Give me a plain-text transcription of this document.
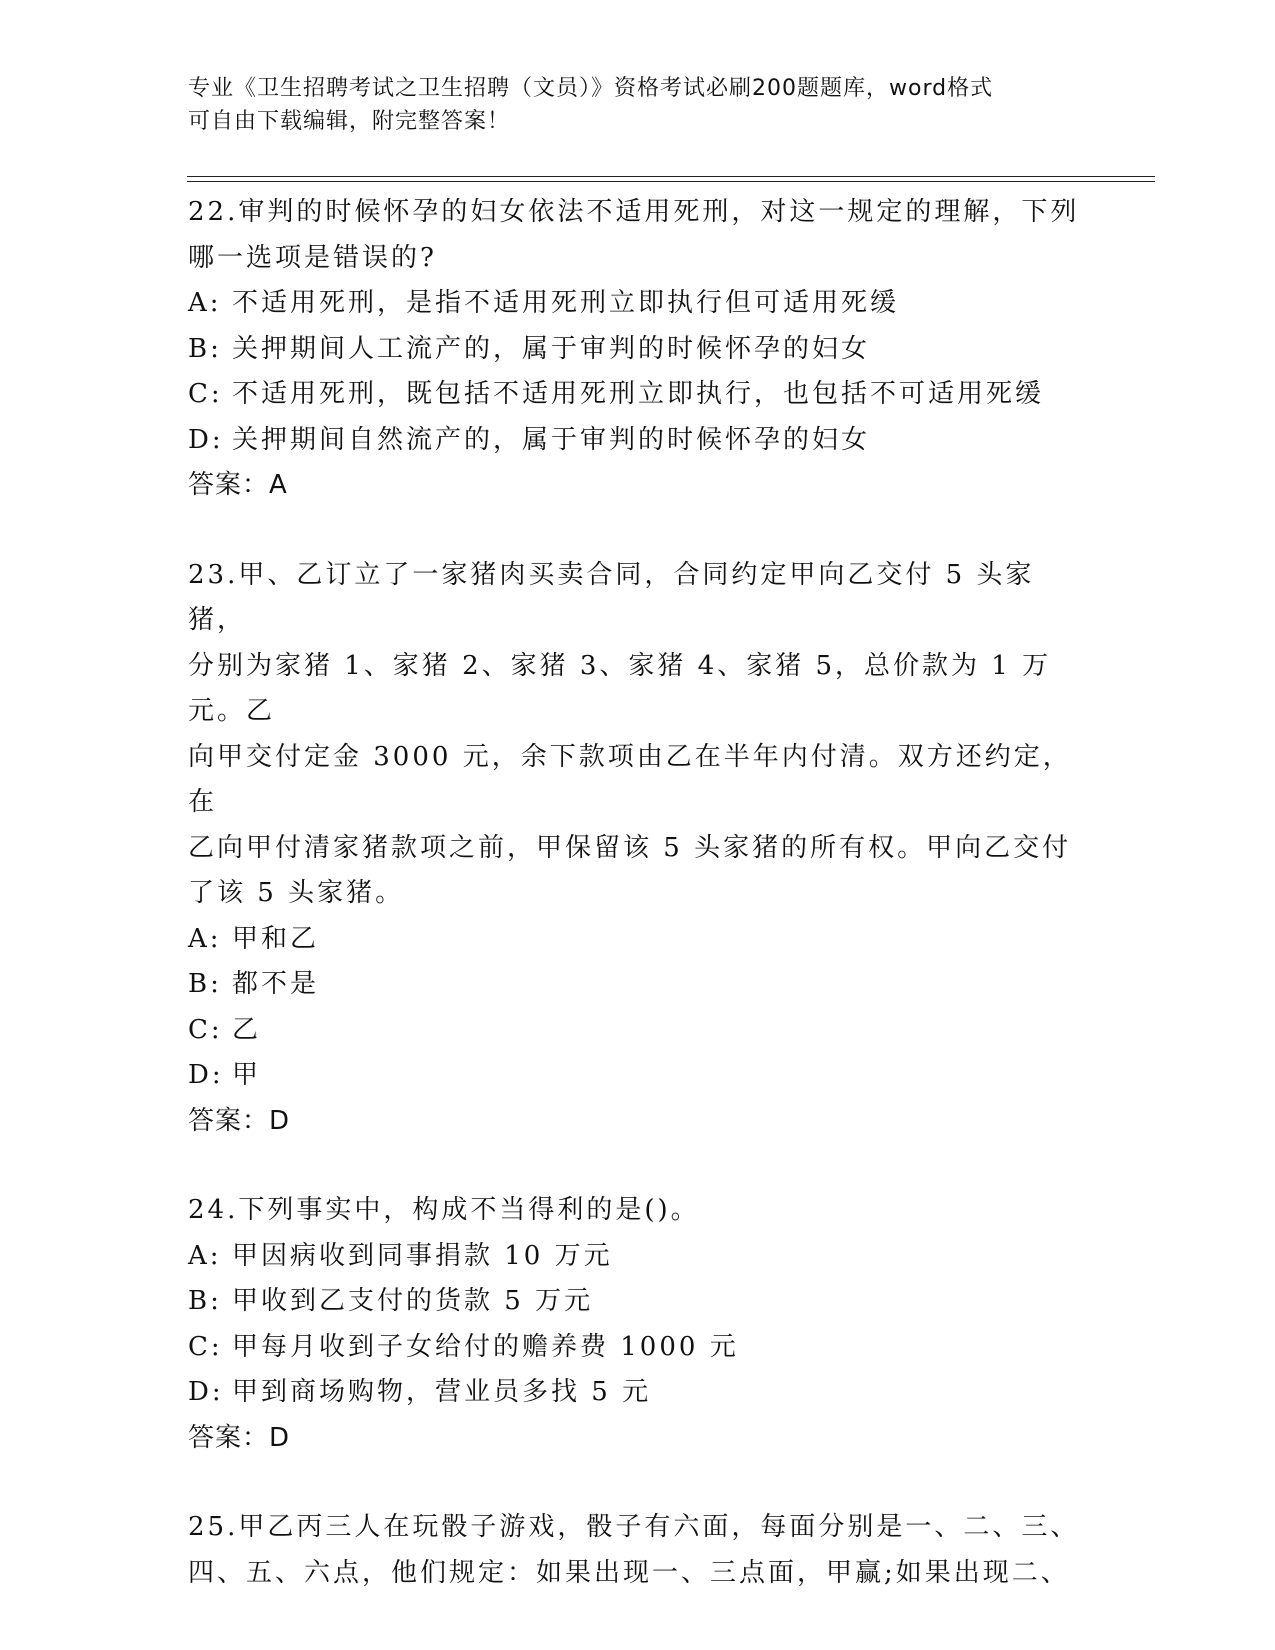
专业《卫生招聘考试之卫生招聘（文员）》资格考试必刷200题题库，word格式
可自由下载编辑，附完整答案！
22.审判的时候怀孕的妇女依法不适用死刑，对这一规定的理解，下列
哪一选项是错误的?
A: 不适用死刑，是指不适用死刑立即执行但可适用死缓
B: 关押期间人工流产的，属于审判的时候怀孕的妇女
C: 不适用死刑，既包括不适用死刑立即执行，也包括不可适用死缓
D: 关押期间自然流产的，属于审判的时候怀孕的妇女
答案：A
23.甲、乙订立了一家猪肉买卖合同，合同约定甲向乙交付 5 头家猪，
分别为家猪 1、家猪 2、家猪 3、家猪 4、家猪 5，总价款为 1 万元。乙
向甲交付定金 3000 元，余下款项由乙在半年内付清。双方还约定，在
乙向甲付清家猪款项之前，甲保留该 5 头家猪的所有权。甲向乙交付
了该 5 头家猪。
A: 甲和乙
B: 都不是
C: 乙
D: 甲
答案：D
24.下列事实中，构成不当得利的是()。
A: 甲因病收到同事捐款 10 万元
B: 甲收到乙支付的货款 5 万元
C: 甲每月收到子女给付的赡养费 1000 元
D: 甲到商场购物，营业员多找 5 元
答案：D
25.甲乙丙三人在玩骰子游戏，骰子有六面，每面分别是一、二、三、
四、五、六点，他们规定：如果出现一、三点面，甲赢;如果出现二、
